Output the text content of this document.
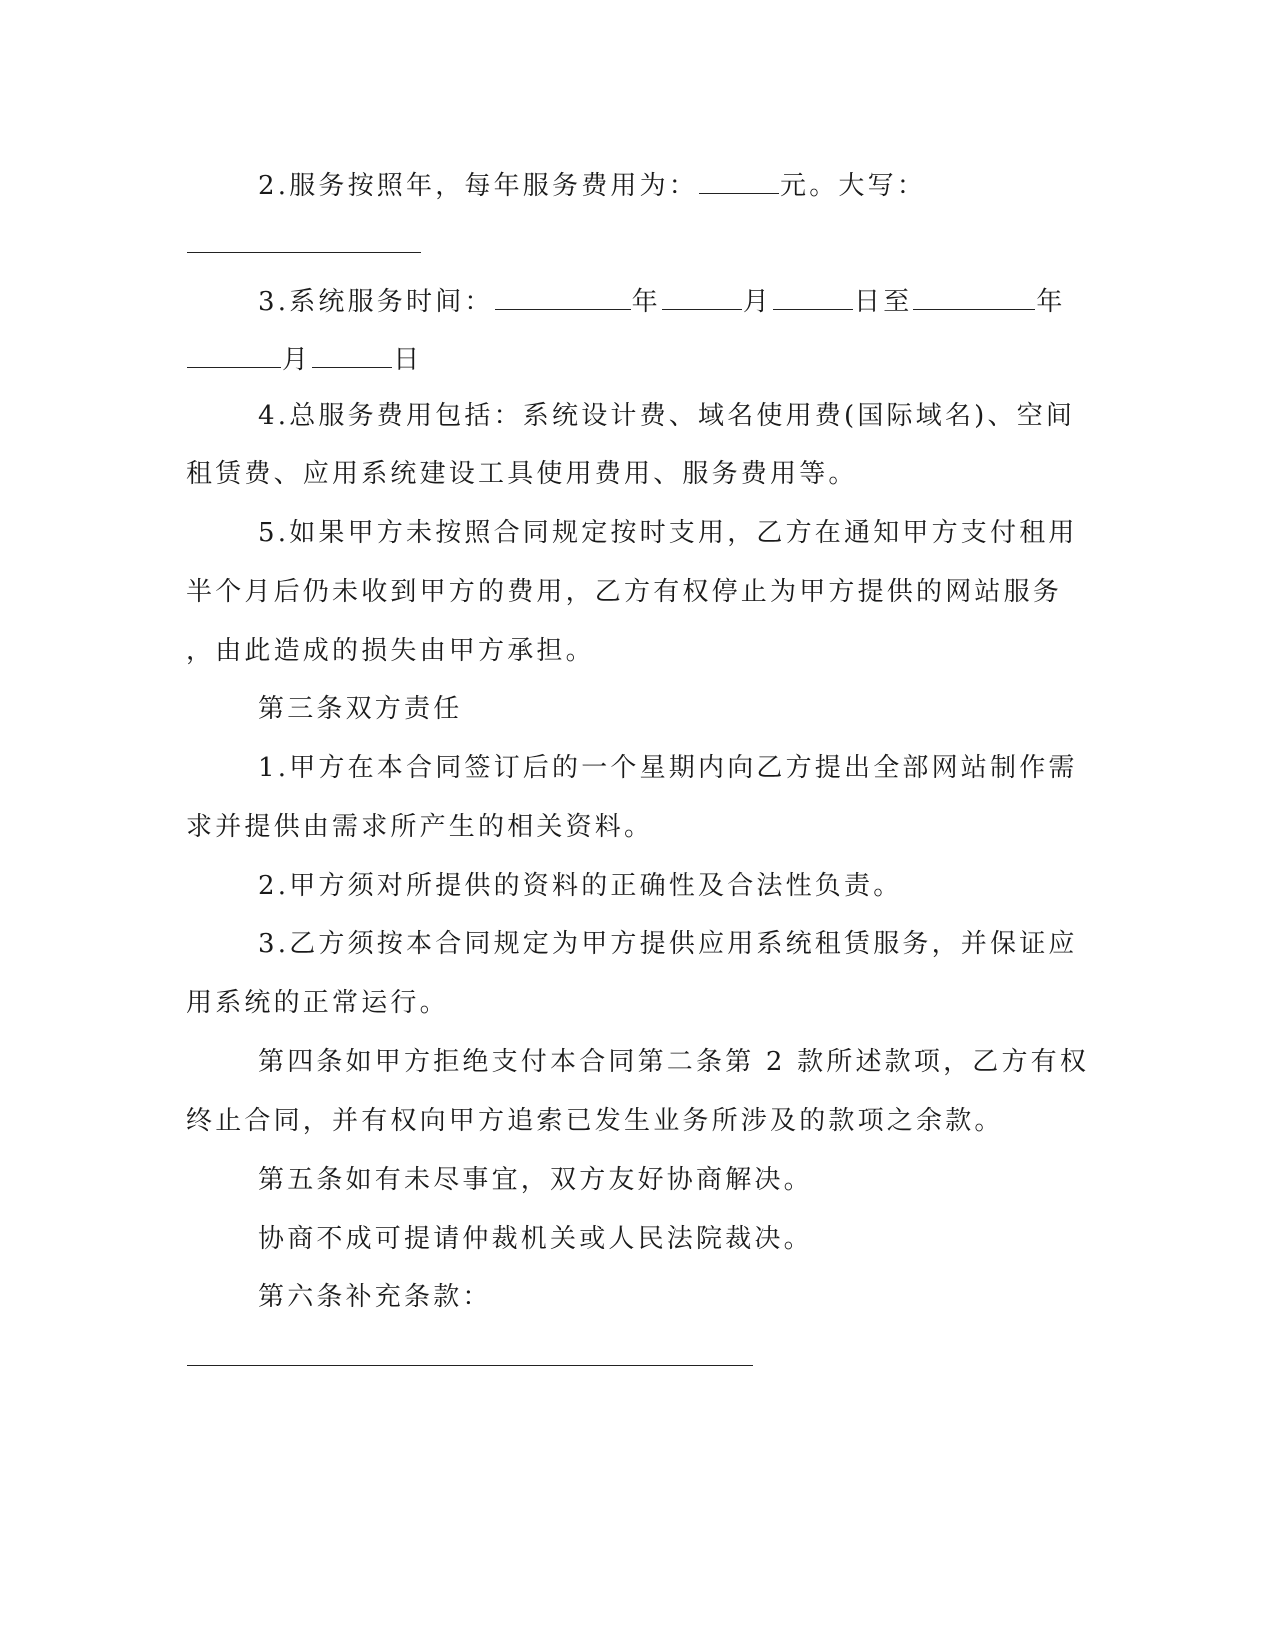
2.服务按照年，每年服务费用为：	元。大写：
3.系统服务时间：	年	月	日至	年
月	日
4.总服务费用包括：系统设计费、域名使用费(国际域名)、空间
租赁费、应用系统建设工具使用费用、服务费用等。
5.如果甲方未按照合同规定按时支用，乙方在通知甲方支付租用
半个月后仍未收到甲方的费用，乙方有权停止为甲方提供的网站服务
，由此造成的损失由甲方承担。
第三条双方责任
1.甲方在本合同签订后的一个星期内向乙方提出全部网站制作需
求并提供由需求所产生的相关资料。
2.甲方须对所提供的资料的正确性及合法性负责。
3.乙方须按本合同规定为甲方提供应用系统租赁服务，并保证应
用系统的正常运行。
第四条如甲方拒绝支付本合同第二条第 2 款所述款项，乙方有权
终止合同，并有权向甲方追索已发生业务所涉及的款项之余款。
第五条如有未尽事宜，双方友好协商解决。
协商不成可提请仲裁机关或人民法院裁决。
第六条补充条款：
